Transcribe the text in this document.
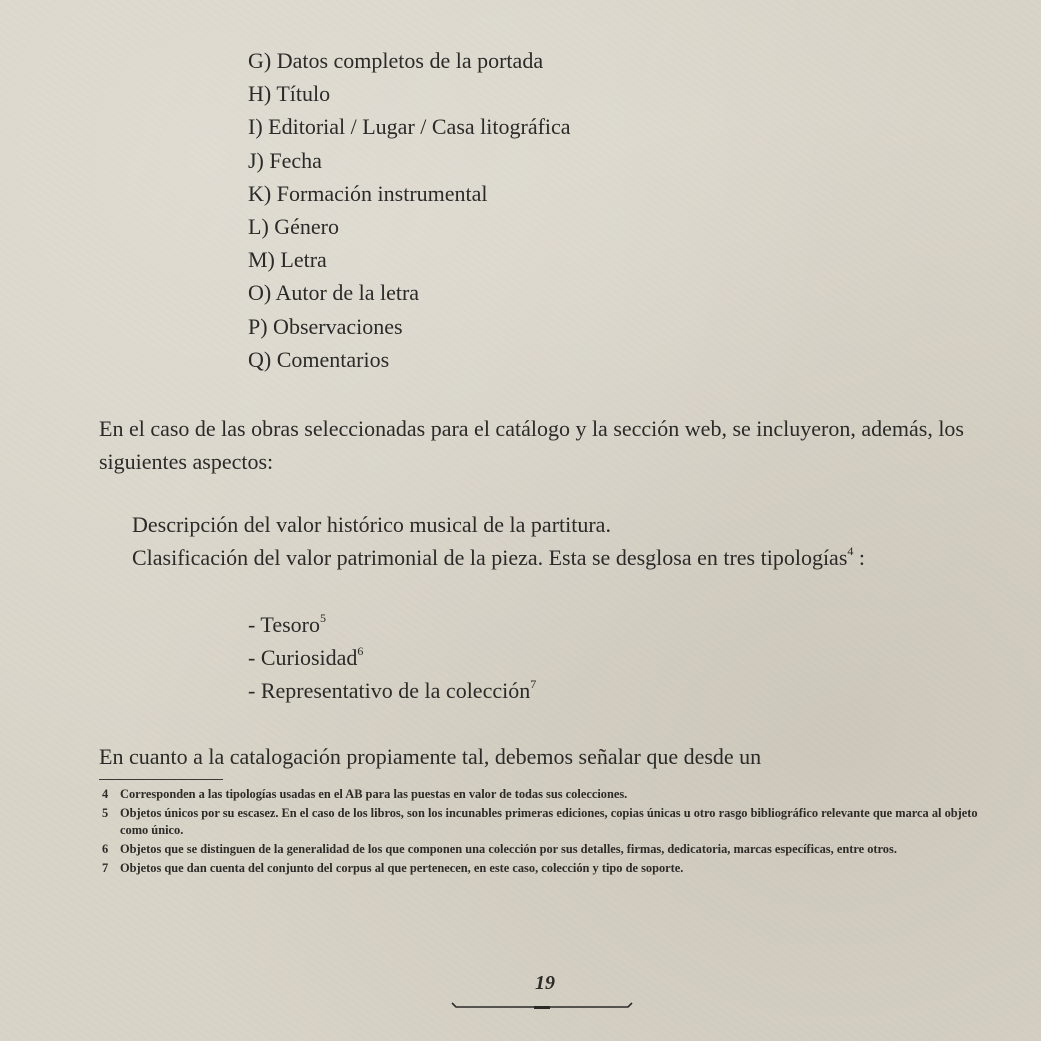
G) Datos completos de la portada
H) Título
I) Editorial / Lugar / Casa litográfica
J) Fecha
K) Formación instrumental
L) Género
M) Letra
O) Autor de la letra
P) Observaciones
Q) Comentarios

En el caso de las obras seleccionadas para el catálogo y la sección web, se incluyeron, además, los siguientes aspectos:

Descripción del valor histórico musical de la partitura.
Clasificación del valor patrimonial de la pieza. Esta se desglosa en tres tipologías$^4$ :
- Tesoro$^5$
- Curiosidad$^6$
- Representativo de la colección$^7$

En cuanto a la catalogación propiamente tal, debemos señalar que desde un

4 Corresponden a las tipologías usadas en el AB para las puestas en valor de todas sus colecciones.
5 Objetos únicos por su escasez. En el caso de los libros, son los incunables primeras ediciones, copias únicas u otro rasgo bibliográfico relevante que marca al objeto como único.
6 Objetos que se distinguen de la generalidad de los que componen una colección por sus detalles, firmas, dedicatoria, marcas específicas, entre otros.
7 Objetos que dan cuenta del conjunto del corpus al que pertenecen, en este caso, colección y tipo de soporte.
19
